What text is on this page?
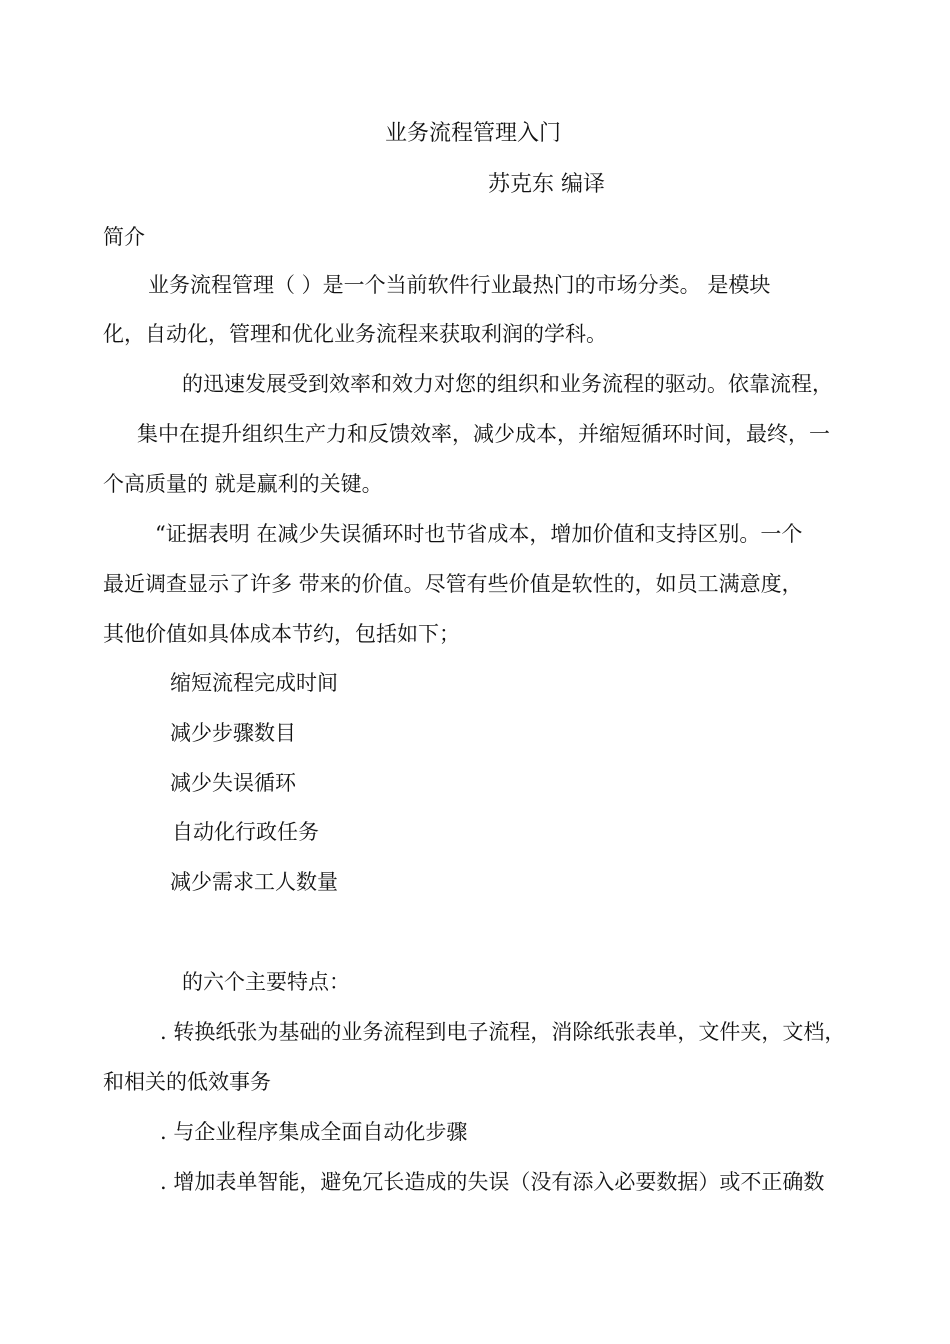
业务流程管理入门
苏克东 编译
简介
业务流程管理（ ）是一个当前软件行业最热门的市场分类。 是模块
化，自动化，管理和优化业务流程来获取利润的学科。
的迅速发展受到效率和效力对您的组织和业务流程的驱动。依靠流程，
集中在提升组织生产力和反馈效率，减少成本，并缩短循环时间，最终，一
个高质量的 就是赢利的关键。
“证据表明 在减少失误循环时也节省成本，增加价值和支持区别。一个
最近调查显示了许多 带来的价值。尽管有些价值是软性的，如员工满意度，
其他价值如具体成本节约，包括如下；
缩短流程完成时间
减少步骤数目
减少失误循环
自动化行政任务
减少需求工人数量
的六个主要特点：
. 转换纸张为基础的业务流程到电子流程，消除纸张表单，文件夹，文档，
和相关的低效事务
. 与企业程序集成全面自动化步骤
. 增加表单智能，避免冗长造成的失误（没有添入必要数据）或不正确数
